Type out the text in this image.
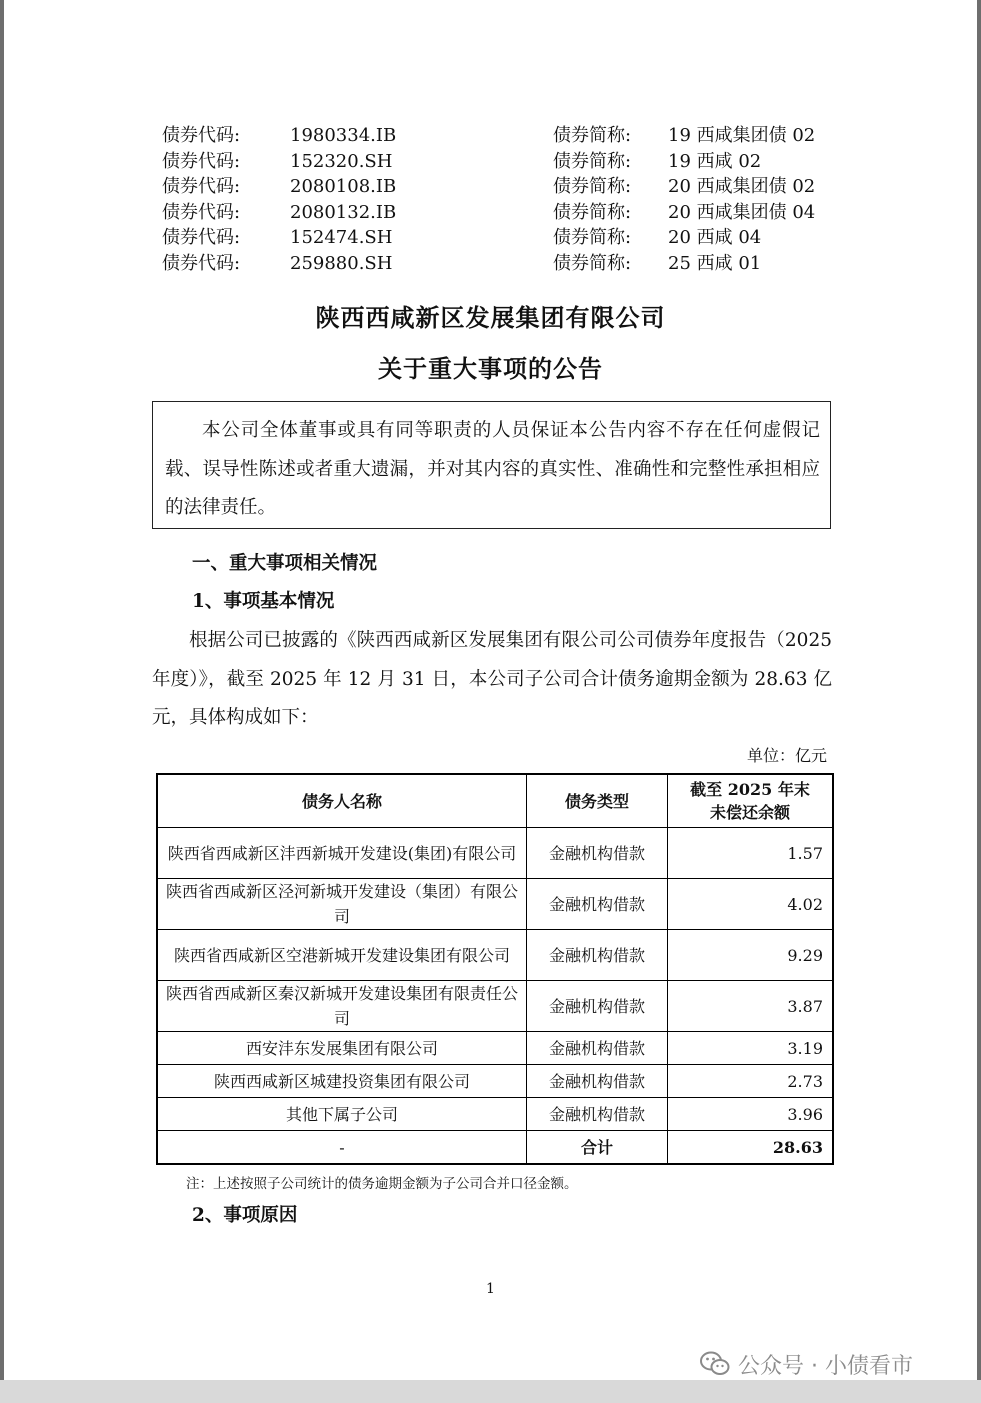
债券代码:	1980334.IB	债券简称: 19 西咸集团债 02
债券代码:	152320.SH	债券简称: 19 西咸 02
债券代码:	2080108.IB	债券简称: 20 西咸集团债 02
债券代码:	2080132.IB	债券简称: 20 西咸集团债 04
债券代码:	152474.SH	债券简称: 20 西咸 04
债券代码:	259880.SH	债券简称: 25 西咸 01
陕西西咸新区发展集团有限公司
关于重大事项的公告

本公司全体董事或具有同等职责的人员保证本公告内容不存在任何虚假记载、误导性陈述或者重大遗漏，并对其内容的真实性、准确性和完整性承担相应的法律责任。

一、重大事项相关情况
1、事项基本情况

根据公司已披露的《陕西西咸新区发展集团有限公司公司债券年度报告（2025 年度）》，截至 2025 年 12 月 31 日，本公司子公司合计债务逾期金额为 28.63 亿元，具体构成如下：

单位：亿元
债务人名称	债务类型	截至 2025 年末
未偿还余额

陕西省西咸新区沣西新城开发建设(集团)有限公司	金融机构借款	1.57
陕西省西咸新区泾河新城开发建设（集团）有限公司	金融机构借款	4.02
陕西省西咸新区空港新城开发建设集团有限公司	金融机构借款	9.29
陕西省西咸新区秦汉新城开发建设集团有限责任公司	金融机构借款	3.87
西安沣东发展集团有限公司	金融机构借款	3.19
陕西西咸新区城建投资集团有限公司	金融机构借款	2.73
其他下属子公司	金融机构借款	3.96
-	合计	28.63
注：上述按照子公司统计的债务逾期金额为子公司合并口径金额。
2、事项原因
1
公众号 · 小债看市
